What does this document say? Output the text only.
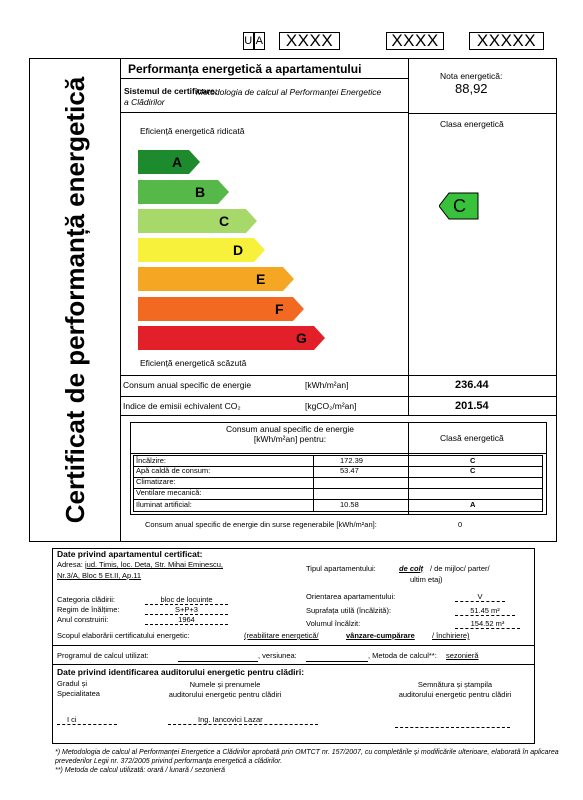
U A	XXXX	XXXX	XXXXX
Certificat de performanță energetică
Performanța energetică a apartamentului
Sistemul de certificare:
Metodologia de calcul al Performanței Energetice a Clădirilor
Nota energetică:
88,92
Clasa energetică
C
Eficiență energetică ridicată
Eficiență energetică scăzută
A
B
C
D
E
F
G
Consum anual specific de energie	[kWh/m²an]	236.44
Indice de emisii echivalent CO₂	[kgCO₂/m²an]	201.54
Consum anual specific de energie [kWh/m²an] pentru:	Clasă energetică
Încălzire:	172.39	C
Apă caldă de consum:	53.47	C
Climatizare:
Ventilare mecanică:
Iluminat artificial:	10.58	A
Consum anual specific de energie din surse regenerabile [kWh/m²an]:	0
Date privind apartamentul certificat:
Adresa: jud. Timis, loc. Deta, Str. Mihai Eminescu,
Nr.3/A, Bloc 5 Et.II, Ap.11
Tipul apartamentului:	de colț / de mijloc/ parter/
ultim etaj)
Categoria clădirii:	bloc de locuinte
Regim de înălțime:	S+P+3
Anul construirii:	1964
Orientarea apartamentului:	V
Suprafața utilă (încălzită):	51.45 m²
Volumul încălzit:	154.52 m³
Scopul elaborării certificatului energetic:	(reabilitare energetică/	vânzare-cumpărare / închiriere)
Programul de calcul utilizat:	, versiunea:	, Metoda de calcul**: sezonieră
Date privind identificarea auditorului energetic pentru clădiri:
Gradul și
Specialitatea
Numele și prenumele
auditorului energetic pentru clădiri
Semnătura și ștampila
auditorului energetic pentru clădiri
I ci	Ing. Iancovici Lazar
*) Metodologia de calcul al Performanței Energetice a Clădirilor aprobată prin OMTCT nr. 157/2007, cu completările și modificările ulterioare, elaborată în aplicarea prevederilor Legii nr. 372/2005 privind performanța energetică a clădirilor.
**) Metoda de calcul utilizată: orară / lunară / sezonieră
